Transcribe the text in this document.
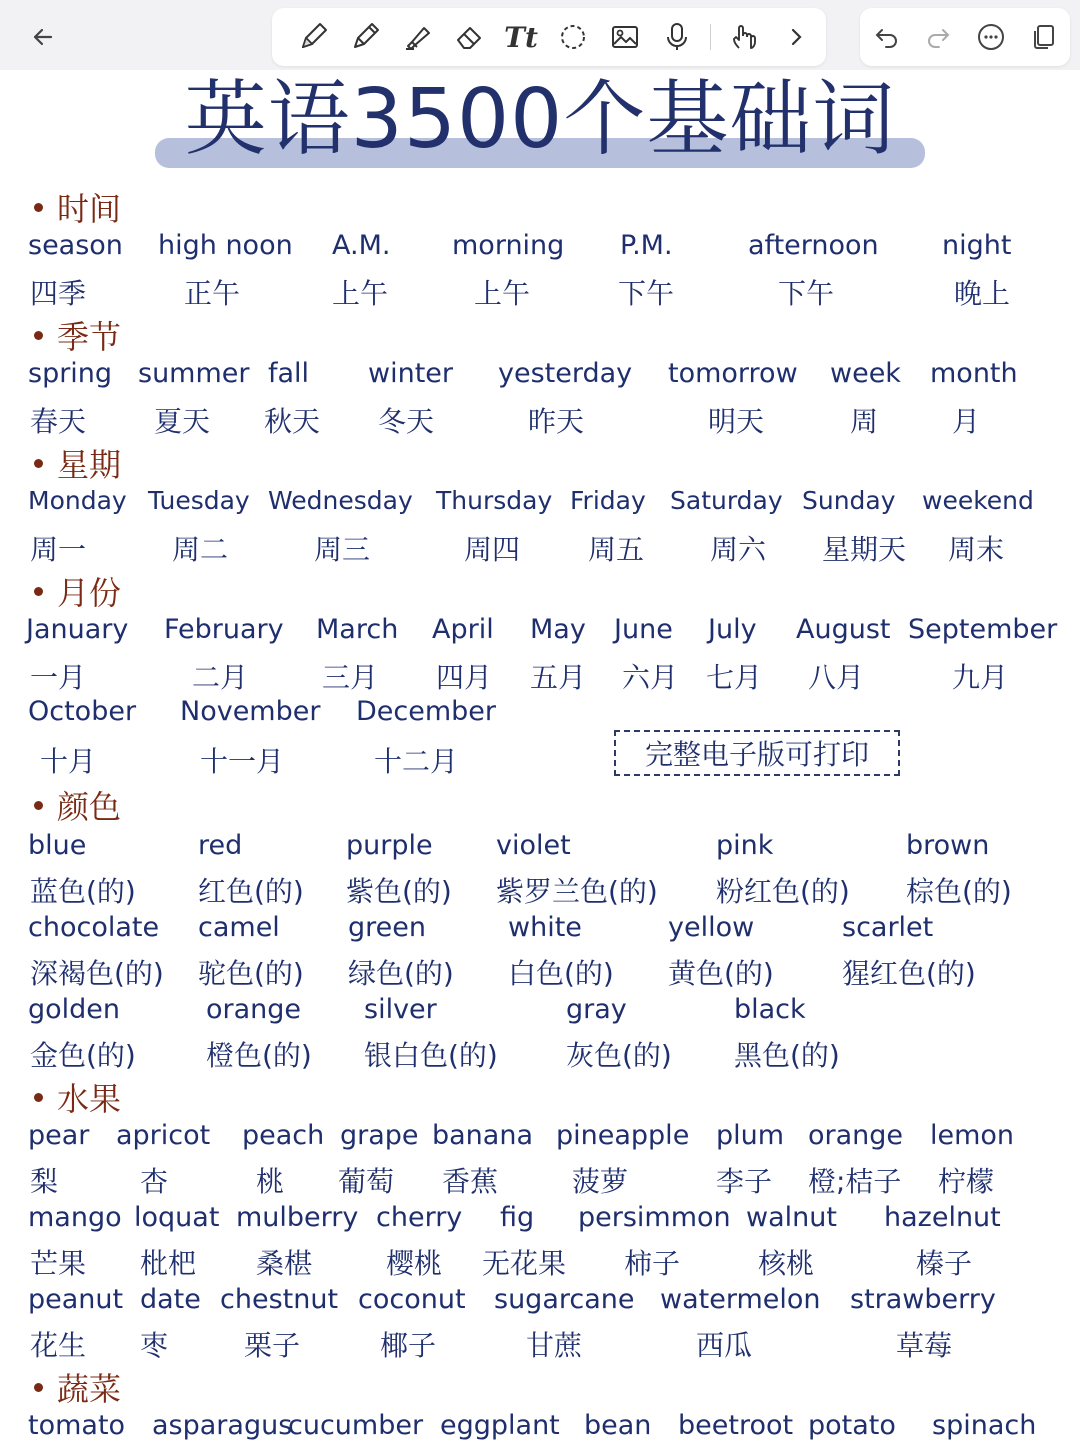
Tt
英语3500个基础词
时间
季节
星期
月份
颜色
水果
蔬菜
season
四季
high noon
正午
A.M.
上午
morning
上午
P.M.
下午
afternoon
下午
night
晚上
spring
春天
summer
夏天
fall
秋天
winter
冬天
yesterday
昨天
tomorrow
明天
week
周
month
月
Monday
周一
Tuesday
周二
Wednesday
周三
Thursday
周四
Friday
周五
Saturday
周六
Sunday
星期天
weekend
周末
January
一月
February
二月
March
三月
April
四月
May
五月
June
六月
July
七月
August
八月
September
九月
October
十月
November
十一月
December
十二月
blue
蓝色(的)
red
红色(的)
purple
紫色(的)
violet
紫罗兰色(的)
pink
粉红色(的)
brown
棕色(的)
chocolate
深褐色(的)
camel
驼色(的)
green
绿色(的)
white
白色(的)
yellow
黄色(的)
scarlet
猩红色(的)
golden
金色(的)
orange
橙色(的)
silver
银白色(的)
gray
灰色(的)
black
黑色(的)
pear
梨
apricot
杏
peach
桃
grape
葡萄
banana
香蕉
pineapple
菠萝
plum
李子
orange
橙;桔子
lemon
柠檬
mango
芒果
loquat
枇杷
mulberry
桑椹
cherry
樱桃
fig
无花果
persimmon
柿子
walnut
核桃
hazelnut
榛子
peanut
花生
date
枣
chestnut
栗子
coconut
椰子
sugarcane
甘蔗
watermelon
西瓜
strawberry
草莓
tomato asparagus
cucumber eggplant bean beetroot potato spinach
完整电子版可打印
